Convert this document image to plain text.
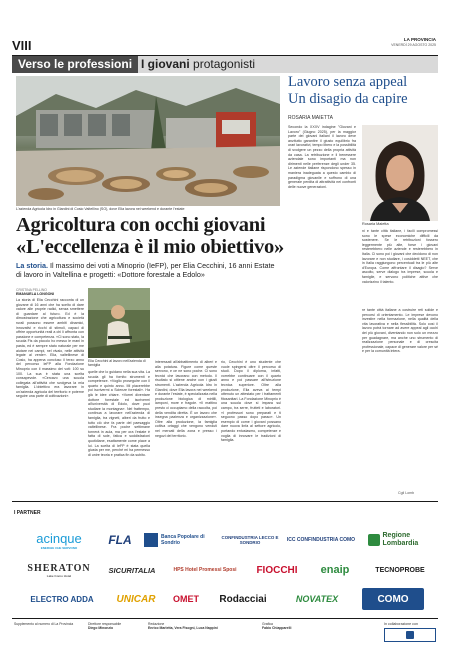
VIII	LA PROVINCIA
VENERDÌ 29 AGOSTO 2025
Verso le professioni I giovani protagonisti
L'azienda Agricola Idro in Giardini di Cosio Valtellino (SO), dove Elia lavora nei weekend e durante l'estate
Agricoltura con occhi giovani
«L'eccellenza è il mio obiettivo»
La storia. Il massimo dei voti a Minoprio (IeFP), per Elia Cecchini, 16 anni Estate di lavoro in Valtellina e progetti: «Dottore forestale a Edolo»
CRISTINA PELLINO
EMANUELA LONGONI
La storia di Elia Cecchini racconta di un giovane di 16 anni che ha scelto di dare valore alle proprie radici, senza smettere di guardare al futuro. Ed è la dimostrazione che agricoltura e società rurali possono essere ambiti dinamici, innovativi e ricchi di stimoli, capaci di offrire opportunità reali a chi li affronta con passione e competenza. «Ci sono stato, la scuola Fis da piccolo ho messo le mani in pasta, ed è sempre stato naturale per me aiutare nei campi, nel vivaio, nelle attività legate al verde». Elia, valtellinese di Cosio, ha appena concluso il terzo anno del percorso IeFP alla Fondazione Minoprio con il massimo dei voti: 100 su 100. La sua è stata una scelta consapevole. «Cercavo una scuola collegata all'attività che svolgeva la mia famiglia. L'obiettivo era lavorare in un'azienda agricola del territorio e poterne seguire una parte di coltivazioni».
Elia Cecchini al lavoro nell'azienda di famiglia
quelle che lo guidano nella sua vita. La scuola gli ha fornito strumenti e competenze. «Voglio proseguire con il quarto e quinto anno. Mi piacerebbe poi iscrivermi a Scienze forestali». Ha già le idee chiare. «Vorrei diventare dottore forestale ed iscrivermi all'università di Edolo, dove puoi studiare la montagna». Nel frattempo, continua a lavorare nell'azienda di famiglia, tra vigneti, alberi da frutto e tutto ciò che fa parte del paesaggio valtellinese. Fra poche settimane tornerà in aula, ma per ora l'estate è fatta di sole, fatica e soddisfazioni quotidiane, esattamente come piace a lui. La scelta di IeFP è stata quella giusta per me, perché mi ha permesso di unire teoria e pratica fin da subito.
interessati all'abbattimento di alberi e alla potatura. Figure come queste servono, e ce ne sono poche. Ci sono tecnici che lavorano con metodo. Il risultato si ottiene anche con i giusti strumenti. L'azienda Agricola Idro in Giardini, dove Elia lavora nei weekend e durante l'estate, è specializzata nella produzione biologica di mirtilli, lamponi, more e fragole. «Il mattino presto ci occupiamo della raccolta, poi della vendita diretta. È un lavoro che insegna pazienza e organizzazione». Oltre alla produzione, la famiglia coltiva ortaggi che vengono venduti nei mercati della zona e presso i negozi del territorio.
rio, Cecchini è uno studente che vuole spingersi oltre il percorso di studi. Dopo il diploma, infatti, vorrebbe continuare con il quarto anno e poi passare all'istruzione tecnica superiore. Oltre alla produzione, Elia aveva ai tempi ottenuto un attestato per i trattamenti fitosanitari. La Fondazione Minoprio è una scuola dove si impara sul campo, tra serre, frutteti e laboratori. «I professori sono preparati e ti seguono passo dopo passo». Un esempio di come i giovani possano dare nuova linfa al settore agricolo, portando entusiasmo, competenze e voglia di innovare le tradizioni di famiglia.
Lavoro senza appeal
Un disagio da capire
ROSARIA MAIETTA
Secondo la XXXV indagine "Giovani e Lavoro" (Giugno 2025), per la maggior parte dei giovani italiani il lavoro deve anzitutto garantire il giusto equilibrio fra orari lavorativi, tempo libero e la possibilità di svolgere un pezzo della propria attività da casa. La retribuzione e il benessere aziendale sono importanti ma non dirimenti nelle preferenze degli under 35. Le aziende italiane rispondono spesso in maniera inadeguata a questo cambio di paradigma giovanile e soffrono di una generale perdita di attrattività nei confronti delle nuove generazioni.
Rosaria Maietta
ni e tante città italiane, i facili compromessi sono le spese economiche difficili da sostenere. Se le retribuzioni fossero leggermente più alte, forse i giovani resterebbero nelle aziende e resterebbero in Italia. Ci sono poi i giovani che decidono di non lavorare e non studiare, i cosiddetti NEET, che in Italia raggiungono percentuali tra le più alte d'Europa. Come affrontare il disagio? Serve ascolto, serve dialogo tra imprese, scuola e famiglie, e servono politiche attive che valorizzino il talento.
re tante città italiane a costruire reti solide e percorsi di orientamento. Le imprese devono investire nella formazione, nella qualità della vita lavorativa e nella flessibilità. Solo così il lavoro potrà tornare ad avere appeal agli occhi dei più giovani, diventando non solo un mezzo per guadagnare, ma anche uno strumento di realizzazione personale e di crescita professionale, capace di generare valore per sé e per la comunità intera.
Cgil Lomb
I PARTNER
acinque
ENERGIE CHE SERVONO
FLA	Banca Popolare di Sondrio
CONFINDUSTRIA LECCO E SONDRIO	ICC CONFINDUSTRIA COMO
Regione Lombardia
SHERATON
Lake Como Hotel
SICURITALIA	HPS Hotel Promessi Sposi	FIOCCHI	enaip	TECNOPROBE
ELECTRO ADDA	UNICAR	OMET	Rodacciai	NOVATEX	COMO
Supplemento al numero di La Provincia	Direttore responsabile
Diego Minonzio
Redazione
Enrico Marletta, Vera Fisogni, Luca Nappini
Grafica
Fabio Chiapparelli
In collaborazione con
